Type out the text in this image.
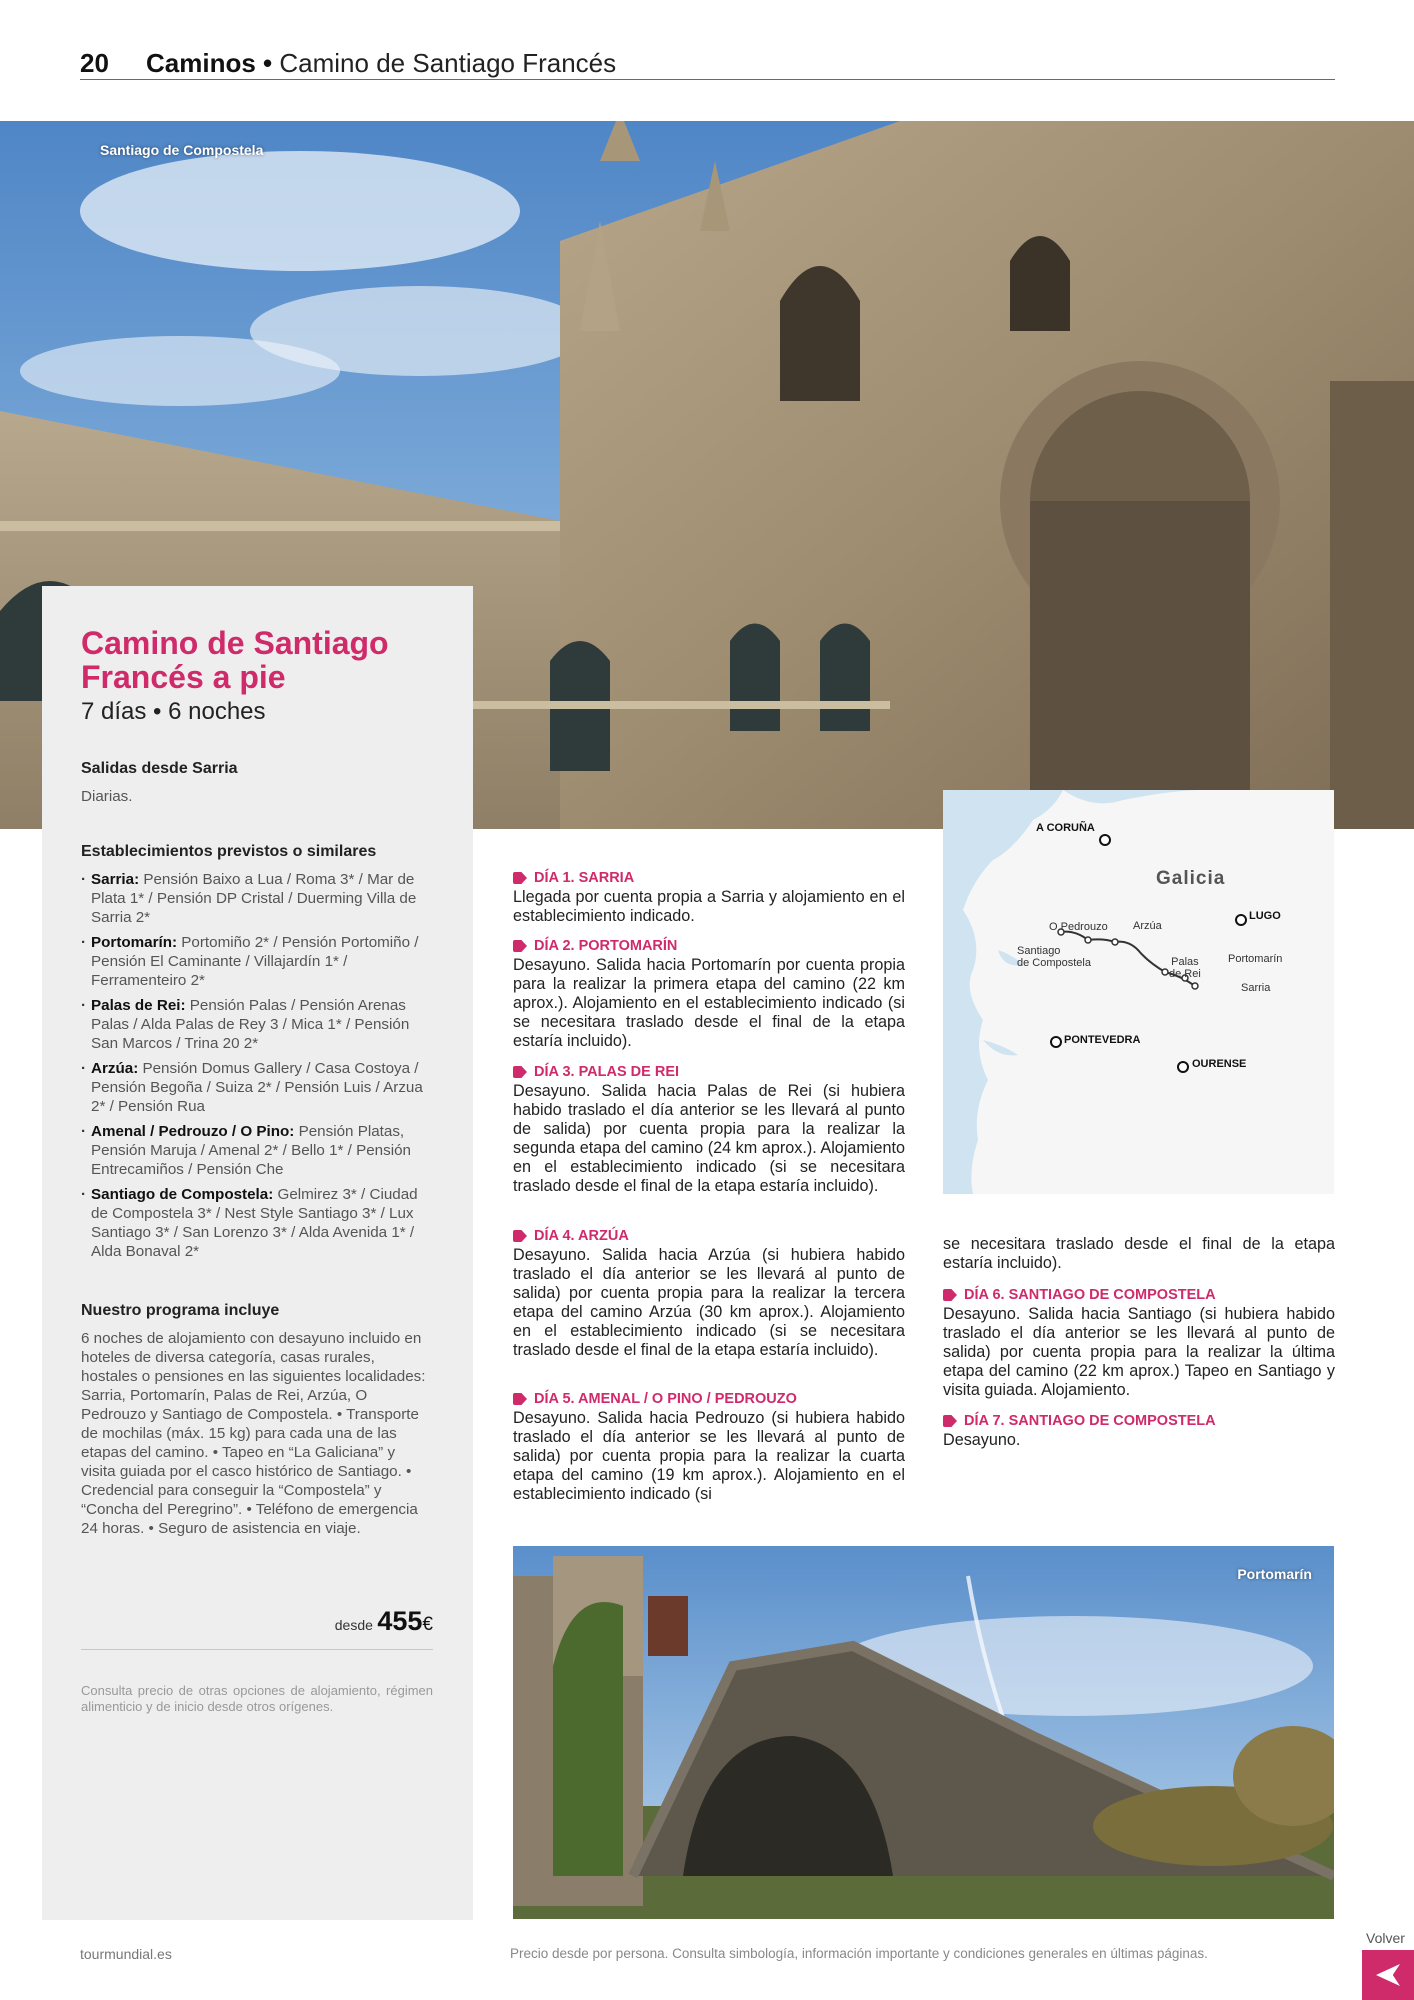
20 Caminos • Camino de Santiago Francés
Santiago de Compostela
Camino de Santiago Francés a pie
7 días • 6 noches
Salidas desde Sarria
Diarias.
Establecimientos previstos o similares
· Sarria: Pensión Baixo a Lua / Roma 3* / Mar de Plata 1* / Pensión DP Cristal / Duerming Villa de Sarria 2*
· Portomarín: Portomiño 2* / Pensión Portomiño / Pensión El Caminante / Villajardín 1* / Ferramenteiro 2*
· Palas de Rei: Pensión Palas / Pensión Arenas Palas / Alda Palas de Rey 3 / Mica 1* / Pensión San Marcos / Trina 20 2*
· Arzúa: Pensión Domus Gallery / Casa Costoya / Pensión Begoña / Suiza 2* / Pensión Luis / Arzua 2* / Pensión Rua
· Amenal / Pedrouzo / O Pino: Pensión Platas, Pensión Maruja / Amenal 2* / Bello 1* / Pensión Entrecamiños / Pensión Che
· Santiago de Compostela: Gelmirez 3* / Ciudad de Compostela 3* / Nest Style Santiago 3* / Lux Santiago 3* / San Lorenzo 3* / Alda Avenida 1* / Alda Bonaval 2*
Nuestro programa incluye
6 noches de alojamiento con desayuno incluido en hoteles de diversa categoría, casas rurales, hostales o pensiones en las siguientes localidades: Sarria, Portomarín, Palas de Rei, Arzúa, O Pedrouzo y Santiago de Compostela. • Transporte de mochilas (máx. 15 kg) para cada una de las etapas del camino. • Tapeo en “La Galiciana” y visita guiada por el casco histórico de Santiago. • Credencial para conseguir la “Compostela” y “Concha del Peregrino”. • Teléfono de emergencia 24 horas. • Seguro de asistencia en viaje.
desde 455€
Consulta precio de otras opciones de alojamiento, régimen alimenticio y de inicio desde otros orígenes.
DÍA 1. SARRIA
Llegada por cuenta propia a Sarria y alojamiento en el establecimiento indicado.
DÍA 2. PORTOMARÍN
Desayuno. Salida hacia Portomarín por cuenta propia para la realizar la primera etapa del camino (22 km aprox.). Alojamiento en el establecimiento indicado (si se necesitara traslado desde el final de la etapa estaría incluido).
DÍA 3. PALAS DE REI
Desayuno. Salida hacia Palas de Rei (si hubiera habido traslado el día anterior se les llevará al punto de salida) por cuenta propia para la realizar la segunda etapa del camino (24 km aprox.). Alojamiento en el establecimiento indicado (si se necesitara traslado desde el final de la etapa estaría incluido).
DÍA 4. ARZÚA
Desayuno. Salida hacia Arzúa (si hubiera habido traslado el día anterior se les llevará al punto de salida) por cuenta propia para la realizar la tercera etapa del camino Arzúa (30 km aprox.). Alojamiento en el establecimiento indicado (si se necesitara traslado desde el final de la etapa estaría incluido).
DÍA 5. AMENAL / O PINO / PEDROUZO
Desayuno. Salida hacia Pedrouzo (si hubiera habido traslado el día anterior se les llevará al punto de salida) por cuenta propia para la realizar la cuarta etapa del camino (19 km aprox.). Alojamiento en el establecimiento indicado (si
Galicia
A CORUÑA
LUGO
PONTEVEDRA
OURENSE
O Pedrouzo Arzúa
Santiago
de Compostela	Palas
de Rei
Portomarín
Sarria
se necesitara traslado desde el final de la etapa estaría incluido).
DÍA 6. SANTIAGO DE COMPOSTELA
Desayuno. Salida hacia Santiago (si hubiera habido traslado el día anterior se les llevará al punto de salida) por cuenta propia para la realizar la última etapa del camino (22 km aprox.) Tapeo en Santiago y visita guiada. Alojamiento.
DÍA 7. SANTIAGO DE COMPOSTELA
Desayuno.
Portomarín
tourmundial.es	Precio desde por persona. Consulta simbología, información importante y condiciones generales en últimas páginas.
Volver
